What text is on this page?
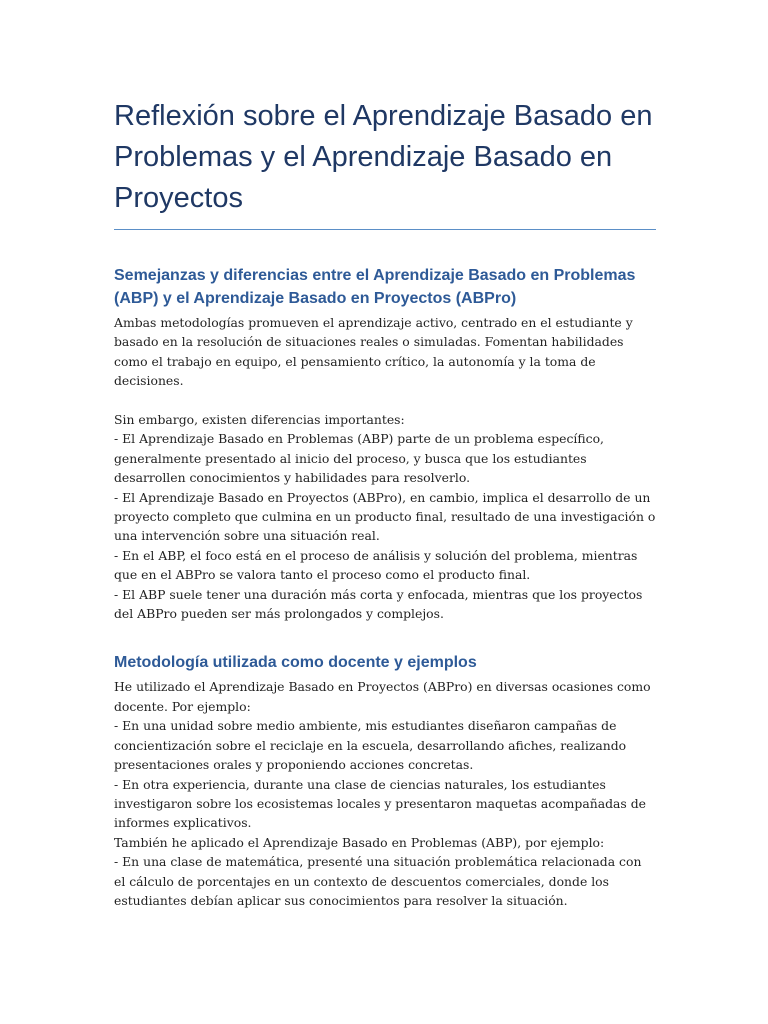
Reflexión sobre el Aprendizaje Basado en Problemas y el Aprendizaje Basado en Proyectos
Semejanzas y diferencias entre el Aprendizaje Basado en Problemas (ABP) y el Aprendizaje Basado en Proyectos (ABPro)

Ambas metodologías promueven el aprendizaje activo, centrado en el estudiante y basado en la resolución de situaciones reales o simuladas. Fomentan habilidades como el trabajo en equipo, el pensamiento crítico, la autonomía y la toma de decisiones.

Sin embargo, existen diferencias importantes:

- El Aprendizaje Basado en Problemas (ABP) parte de un problema específico, generalmente presentado al inicio del proceso, y busca que los estudiantes desarrollen conocimientos y habilidades para resolverlo.

- El Aprendizaje Basado en Proyectos (ABPro), en cambio, implica el desarrollo de un proyecto completo que culmina en un producto final, resultado de una investigación o una intervención sobre una situación real.

- En el ABP, el foco está en el proceso de análisis y solución del problema, mientras que en el ABPro se valora tanto el proceso como el producto final.

- El ABP suele tener una duración más corta y enfocada, mientras que los proyectos del ABPro pueden ser más prolongados y complejos.

Metodología utilizada como docente y ejemplos

He utilizado el Aprendizaje Basado en Proyectos (ABPro) en diversas ocasiones como docente. Por ejemplo:

- En una unidad sobre medio ambiente, mis estudiantes diseñaron campañas de concientización sobre el reciclaje en la escuela, desarrollando afiches, realizando presentaciones orales y proponiendo acciones concretas.

- En otra experiencia, durante una clase de ciencias naturales, los estudiantes investigaron sobre los ecosistemas locales y presentaron maquetas acompañadas de informes explicativos.

También he aplicado el Aprendizaje Basado en Problemas (ABP), por ejemplo:

- En una clase de matemática, presenté una situación problemática relacionada con el cálculo de porcentajes en un contexto de descuentos comerciales, donde los estudiantes debían aplicar sus conocimientos para resolver la situación.
